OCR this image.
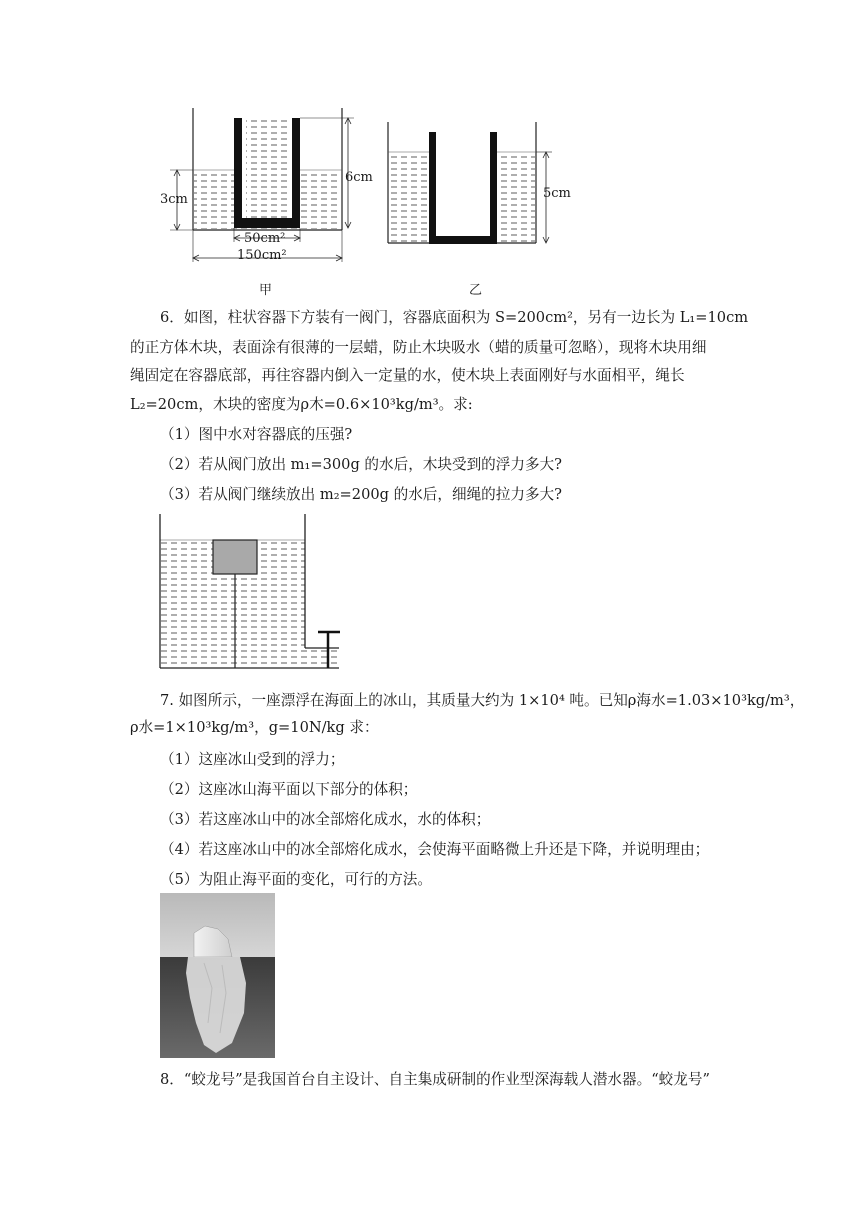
3cm
6cm
50cm²
150cm²
5cm
甲	乙
6．如图，柱状容器下方装有一阀门，容器底面积为 S=200cm²，另有一边长为 L₁=10cm
的正方体木块，表面涂有很薄的一层蜡，防止木块吸水（蜡的质量可忽略），现将木块用细
绳固定在容器底部，再往容器内倒入一定量的水，使木块上表面刚好与水面相平，绳长
L₂=20cm，木块的密度为ρ木=0.6×10³kg/m³。求:
（1）图中水对容器底的压强?
（2）若从阀门放出 m₁=300g 的水后，木块受到的浮力多大?
（3）若从阀门继续放出 m₂=200g 的水后，细绳的拉力多大?
7. 如图所示，一座漂浮在海面上的冰山，其质量大约为 1×10⁴ 吨。已知ρ海水=1.03×10³kg/m³，
ρ水=1×10³kg/m³，g=10N/kg 求：
（1）这座冰山受到的浮力；
（2）这座冰山海平面以下部分的体积；
（3）若这座冰山中的冰全部熔化成水，水的体积；
（4）若这座冰山中的冰全部熔化成水，会使海平面略微上升还是下降，并说明理由；
（5）为阻止海平面的变化，可行的方法。
8．“蛟龙号”是我国首台自主设计、自主集成研制的作业型深海载人潜水器。“蛟龙号”
